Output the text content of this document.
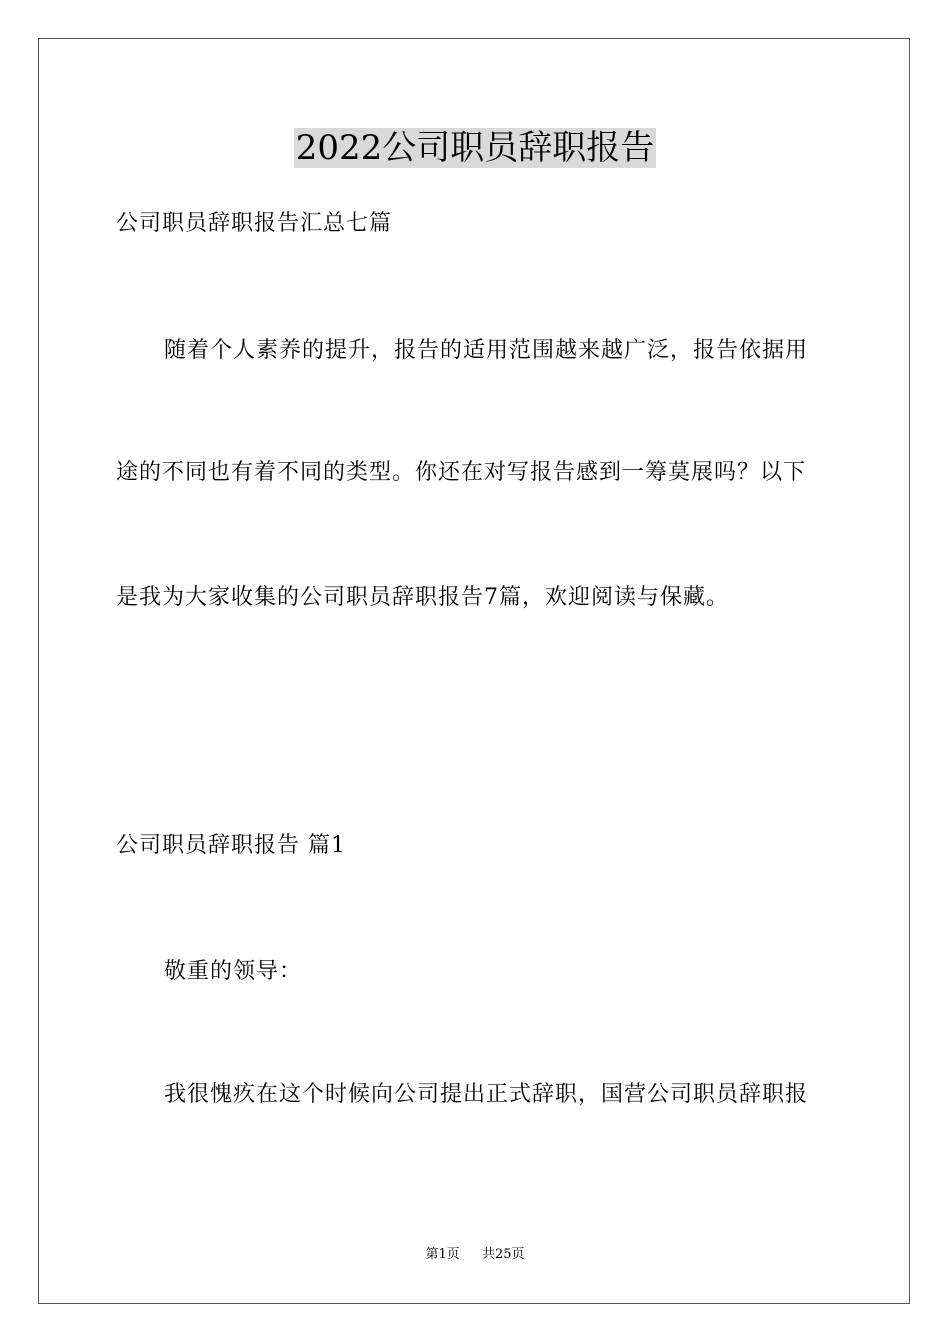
2022公司职员辞职报告
公司职员辞职报告汇总七篇
随着个人素养的提升，报告的适用范围越来越广泛，报告依据用
途的不同也有着不同的类型。你还在对写报告感到一筹莫展吗？以下
是我为大家收集的公司职员辞职报告7篇，欢迎阅读与保藏。
公司职员辞职报告 篇1
敬重的领导：
我很愧疚在这个时候向公司提出正式辞职，国营公司职员辞职报
第1页 共25页
